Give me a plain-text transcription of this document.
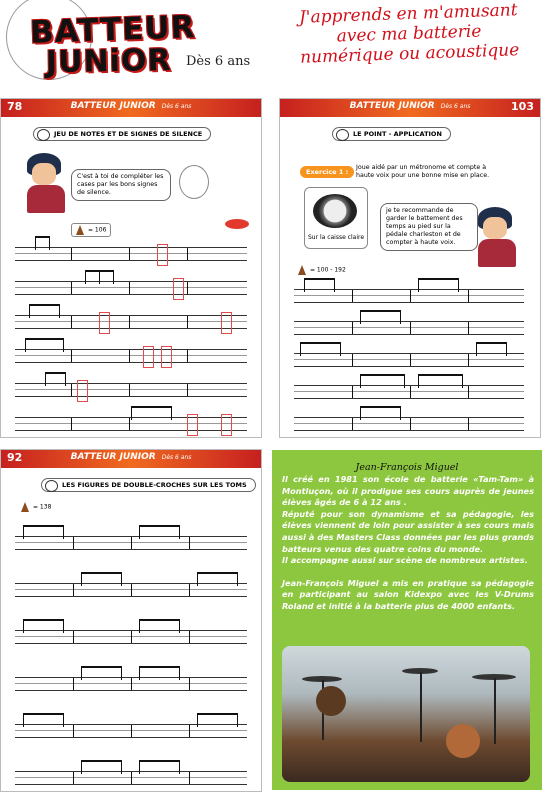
BATTEUR
JUNiOR Dès 6 ans
J'apprends en m'amusant
avec ma batterie
numérique ou acoustique
78	BATTEUR JUNIOR Dès 6 ans
JEU DE NOTES ET DE SIGNES DE SILENCE
C'est à toi de compléter les cases par les bons signes de silence.
= 106
103
BATTEUR JUNIOR Dès 6 ans
LE POINT - APPLICATION
Exercice 1 :
Joue aidé par un métronome et compte à haute voix pour une bonne mise en place.
Sur la caisse claire
je te recommande de garder le battement des temps au pied sur la pédale charleston et de compter à haute voix.
= 100 - 192
92	BATTEUR JUNIOR Dès 6 ans
LES FIGURES DE DOUBLE-CROCHES SUR LES TOMS
= 138
Jean-François Miguel

Il créé en 1981 son école de batterie «Tam-Tam» à Montluçon, où il prodigue ses cours auprès de jeunes élèves âgés de 6 à 12 ans .

Réputé pour son dynamisme et sa pédagogie, les élèves viennent de loin pour assister à ses cours mais aussi à des Masters Class données par les plus grands batteurs venus des quatre coins du monde.

Il accompagne aussi sur scène de nombreux artistes.

Jean-François Miguel a mis en pratique sa pédagogie en participant au salon Kidexpo avec les V-Drums Roland et initié à la batterie plus de 4000 enfants.
